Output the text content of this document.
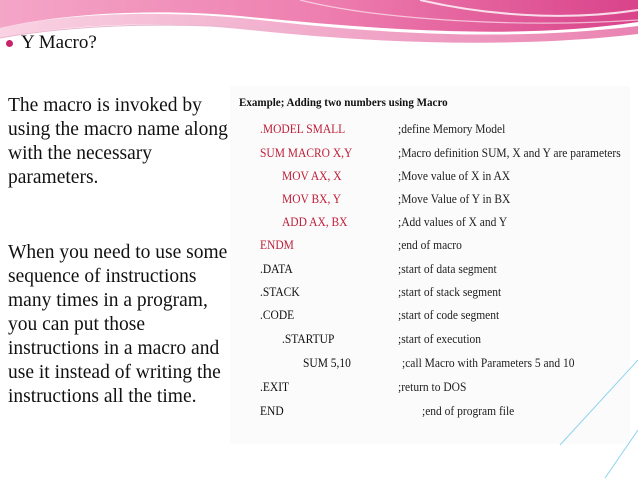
Y Macro?
The macro is invoked by using the macro name along with the necessary parameters.
When you need to use some sequence of instructions many times in a program, you can put those instructions in a macro and use it instead of writing the instructions all the time.
Example; Adding two numbers using Macro
.MODEL SMALL	;define Memory Model
SUM MACRO X,Y	;Macro definition SUM, X and Y are parameters
MOV AX, X	;Move value of X in AX
MOV BX, Y	;Move Value of Y in BX
ADD AX, BX	;Add values of X and Y
ENDM	;end of macro
.DATA	;start of data segment
.STACK	;start of stack segment
.CODE	;start of code segment
.STARTUP	;start of execution
SUM 5,10	;call Macro with Parameters 5 and 10
.EXIT	;return to DOS
END	;end of program file
